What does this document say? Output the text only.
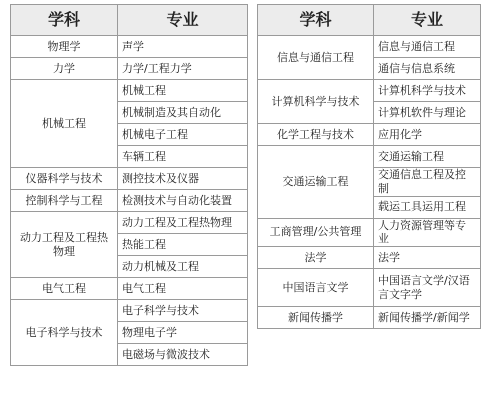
学科	专业
物理学	声学
力学	力学/工程力学
机械工程	机械工程
	机械制造及其自动化
	机械电子工程
	车辆工程
仪器科学与技术	测控技术及仪器
控制科学与工程	检测技术与自动化装置
动力工程及工程热物理	动力工程及工程热物理
	热能工程
	动力机械及工程
电气工程	电气工程
电子科学与技术	电子科学与技术
	物理电子学
	电磁场与微波技术
学科	专业
信息与通信工程	信息与通信工程
	通信与信息系统
计算机科学与技术	计算机科学与技术
	计算机软件与理论
化学工程与技术	应用化学
交通运输工程	交通运输工程
	交通信息工程及控制
	载运工具运用工程
工商管理/公共管理	人力资源管理等专业
法学	法学
中国语言文学	中国语言文学/汉语言文字学
新闻传播学	新闻传播学/新闻学
